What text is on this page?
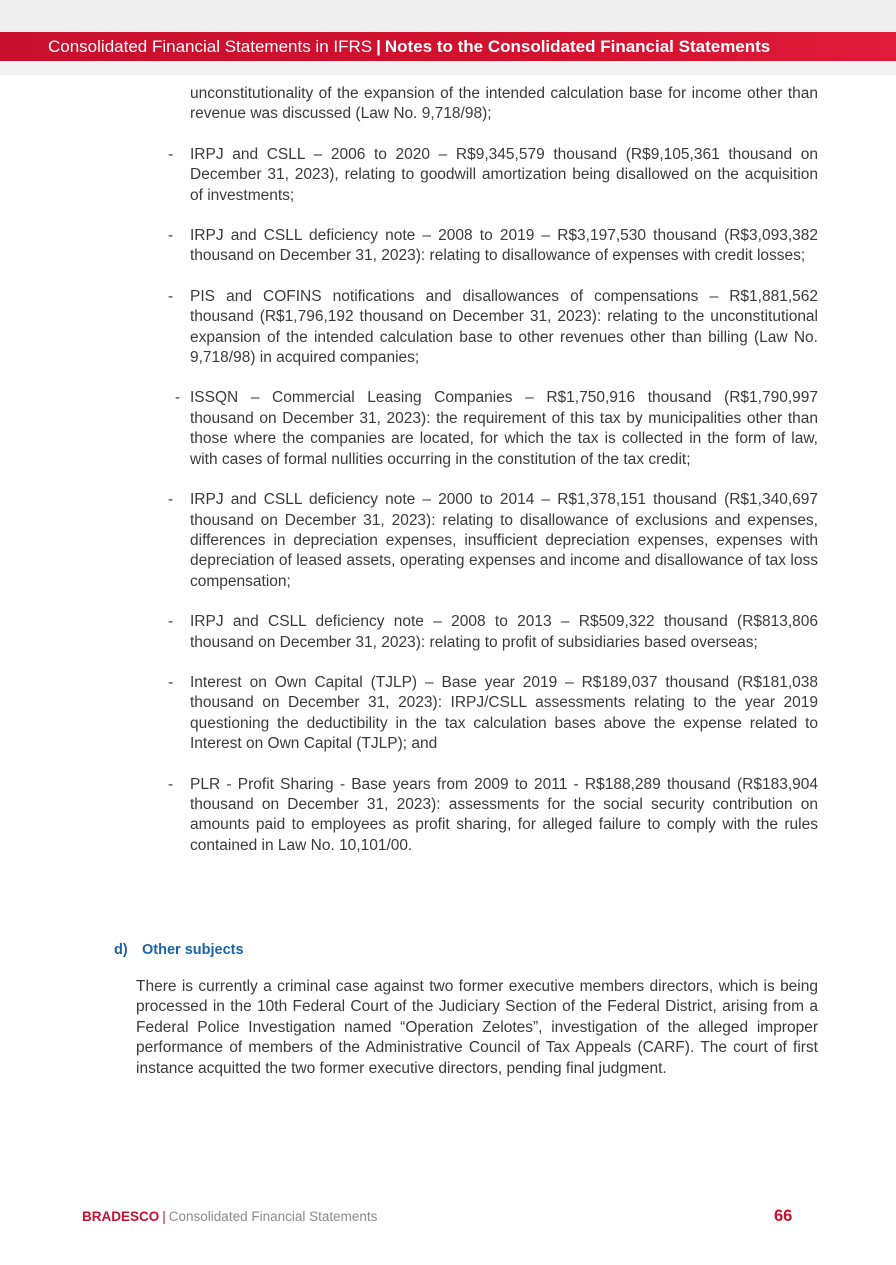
Consolidated Financial Statements in IFRS | Notes to the Consolidated Financial Statements
unconstitutionality of the expansion of the intended calculation base for income other than revenue was discussed (Law No. 9,718/98);
- IRPJ and CSLL – 2006 to 2020 – R$9,345,579 thousand (R$9,105,361 thousand on December 31, 2023), relating to goodwill amortization being disallowed on the acquisition of investments;
- IRPJ and CSLL deficiency note – 2008 to 2019 – R$3,197,530 thousand (R$3,093,382 thousand on December 31, 2023): relating to disallowance of expenses with credit losses;
- PIS and COFINS notifications and disallowances of compensations – R$1,881,562 thousand (R$1,796,192 thousand on December 31, 2023): relating to the unconstitutional expansion of the intended calculation base to other revenues other than billing (Law No. 9,718/98) in acquired companies;
- ISSQN – Commercial Leasing Companies – R$1,750,916 thousand (R$1,790,997 thousand on December 31, 2023): the requirement of this tax by municipalities other than those where the companies are located, for which the tax is collected in the form of law, with cases of formal nullities occurring in the constitution of the tax credit;
- IRPJ and CSLL deficiency note – 2000 to 2014 – R$1,378,151 thousand (R$1,340,697 thousand on December 31, 2023): relating to disallowance of exclusions and expenses, differences in depreciation expenses, insufficient depreciation expenses, expenses with depreciation of leased assets, operating expenses and income and disallowance of tax loss compensation;
- IRPJ and CSLL deficiency note – 2008 to 2013 – R$509,322 thousand (R$813,806 thousand on December 31, 2023): relating to profit of subsidiaries based overseas;
- Interest on Own Capital (TJLP) – Base year 2019 – R$189,037 thousand (R$181,038 thousand on December 31, 2023): IRPJ/CSLL assessments relating to the year 2019 questioning the deductibility in the tax calculation bases above the expense related to Interest on Own Capital (TJLP); and
- PLR - Profit Sharing - Base years from 2009 to 2011 - R$188,289 thousand (R$183,904 thousand on December 31, 2023): assessments for the social security contribution on amounts paid to employees as profit sharing, for alleged failure to comply with the rules contained in Law No. 10,101/00.
d) Other subjects
There is currently a criminal case against two former executive members directors, which is being processed in the 10th Federal Court of the Judiciary Section of the Federal District, arising from a Federal Police Investigation named “Operation Zelotes”, investigation of the alleged improper performance of members of the Administrative Council of Tax Appeals (CARF). The court of first instance acquitted the two former executive directors, pending final judgment.
BRADESCO | Consolidated Financial Statements	66
